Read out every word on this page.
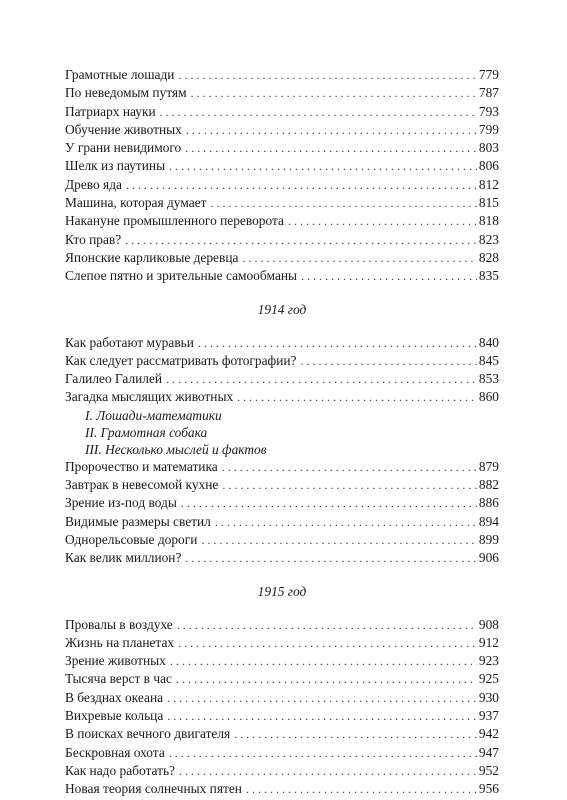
Грамотные лошади . . .	779
По неведомым путям . . .	787
Патриарх науки . . .	793
Обучение животных . . .	799
У грани невидимого . . .	803
Шелк из паутины . . .	806
Древо яда . . .	812
Машина, которая думает . . .	815
Накануне промышленного переворота . . .	818
Кто прав? . . .	823
Японские карликовые деревца . . .	828
Слепое пятно и зрительные самообманы . . .	835
1914 год
Как работают муравьи . . .	840
Как следует рассматривать фотографии? . . .	845
Галилео Галилей . . .	853
Загадка мыслящих животных . . .	860
I. Лошади-математики
II. Грамотная собака
III. Несколько мыслей и фактов
Пророчество и математика . . .	879
Завтрак в невесомой кухне . . .	882
Зрение из-под воды . . .	886
Видимые размеры светил . . .	894
Однорельсовые дороги . . .	899
Как велик миллион? . . .	906
1915 год
Провалы в воздухе . . .	908
Жизнь на планетах . . .	912
Зрение животных . . .	923
Тысяча верст в час . . .	925
В безднах океана . . .	930
Вихревые кольца . . .	937
В поисках вечного двигателя . . .	942
Бескровная охота . . .	947
Как надо работать? . . .	952
Новая теория солнечных пятен . . .	956
